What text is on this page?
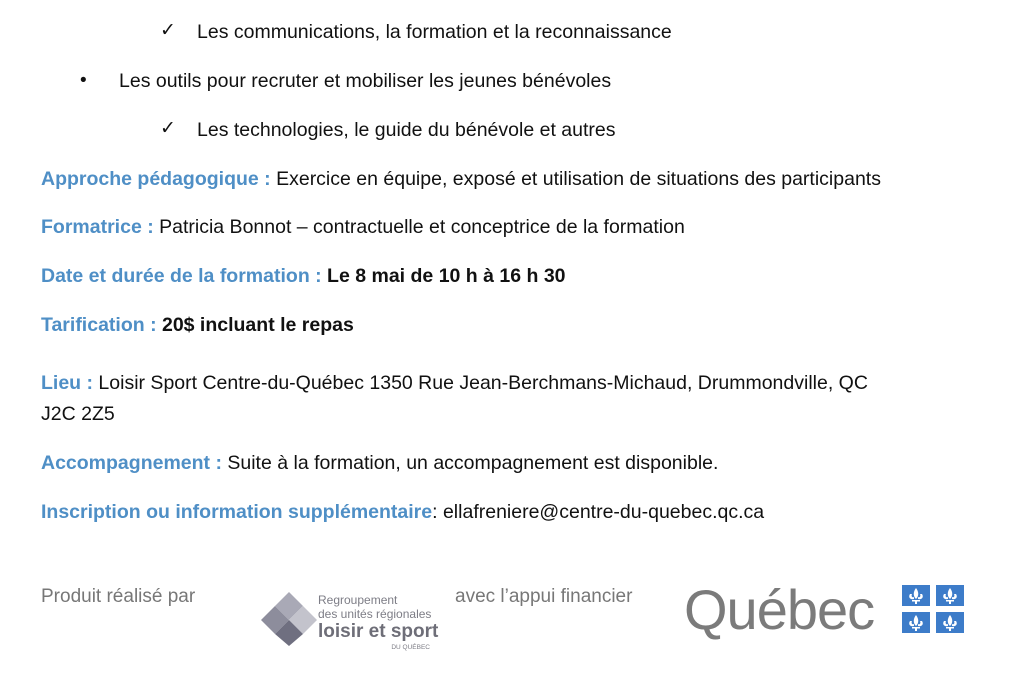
✓ Les communications, la formation et la reconnaissance
• Les outils pour recruter et mobiliser les jeunes bénévoles
✓ Les technologies, le guide du bénévole et autres
Approche pédagogique : Exercice en équipe, exposé et utilisation de situations des participants
Formatrice : Patricia Bonnot – contractuelle et conceptrice de la formation
Date et durée de la formation : Le 8 mai de 10 h à 16 h 30
Tarification : 20$ incluant le repas
Lieu : Loisir Sport Centre-du-Québec 1350 Rue Jean-Berchmans-Michaud, Drummondville, QC
J2C 2Z5
Accompagnement : Suite à la formation, un accompagnement est disponible.
Inscription ou information supplémentaire: ellafreniere@centre-du-quebec.qc.ca
Produit réalisé par	Regroupement
des unités régionales
loisir et sport
DU QUÉBEC
avec l’appui financier Québec
